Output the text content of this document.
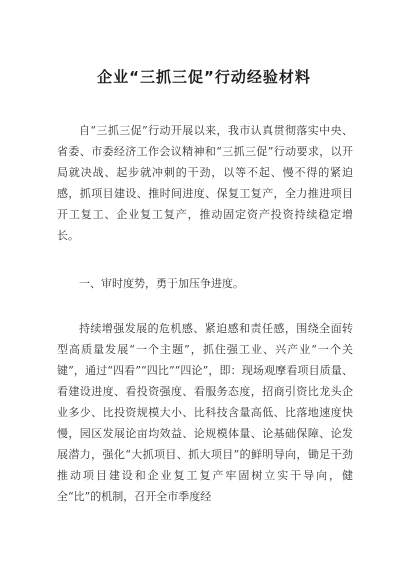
企业“三抓三促”行动经验材料

自“三抓三促”行动开展以来，我市认真贯彻落实中央、省委、市委经济工作会议精神和“三抓三促”行动要求，以开局就决战、起步就冲刺的干劲，以等不起、慢不得的紧迫感，抓项目建设、推时间进度、保复工复产，全力推进项目开工复工、企业复工复产，推动固定资产投资持续稳定增长。

一、审时度势，勇于加压争进度。

持续增强发展的危机感、紧迫感和责任感，围绕全面转型高质量发展“一个主题”，抓住强工业、兴产业“一个关键”，通过“四看”“四比”“四论”，即：现场观摩看项目质量、看建设进度、看投资强度、看服务态度，招商引资比龙头企业多少、比投资规模大小、比科技含量高低、比落地速度快慢，园区发展论亩均效益、论规模体量、论基础保障、论发展潜力，强化“大抓项目、抓大项目”的鲜明导向，锄足干劲推动项目建设和企业复工复产牢固树立实干导向，健全“比”的机制，召开全市季度经
